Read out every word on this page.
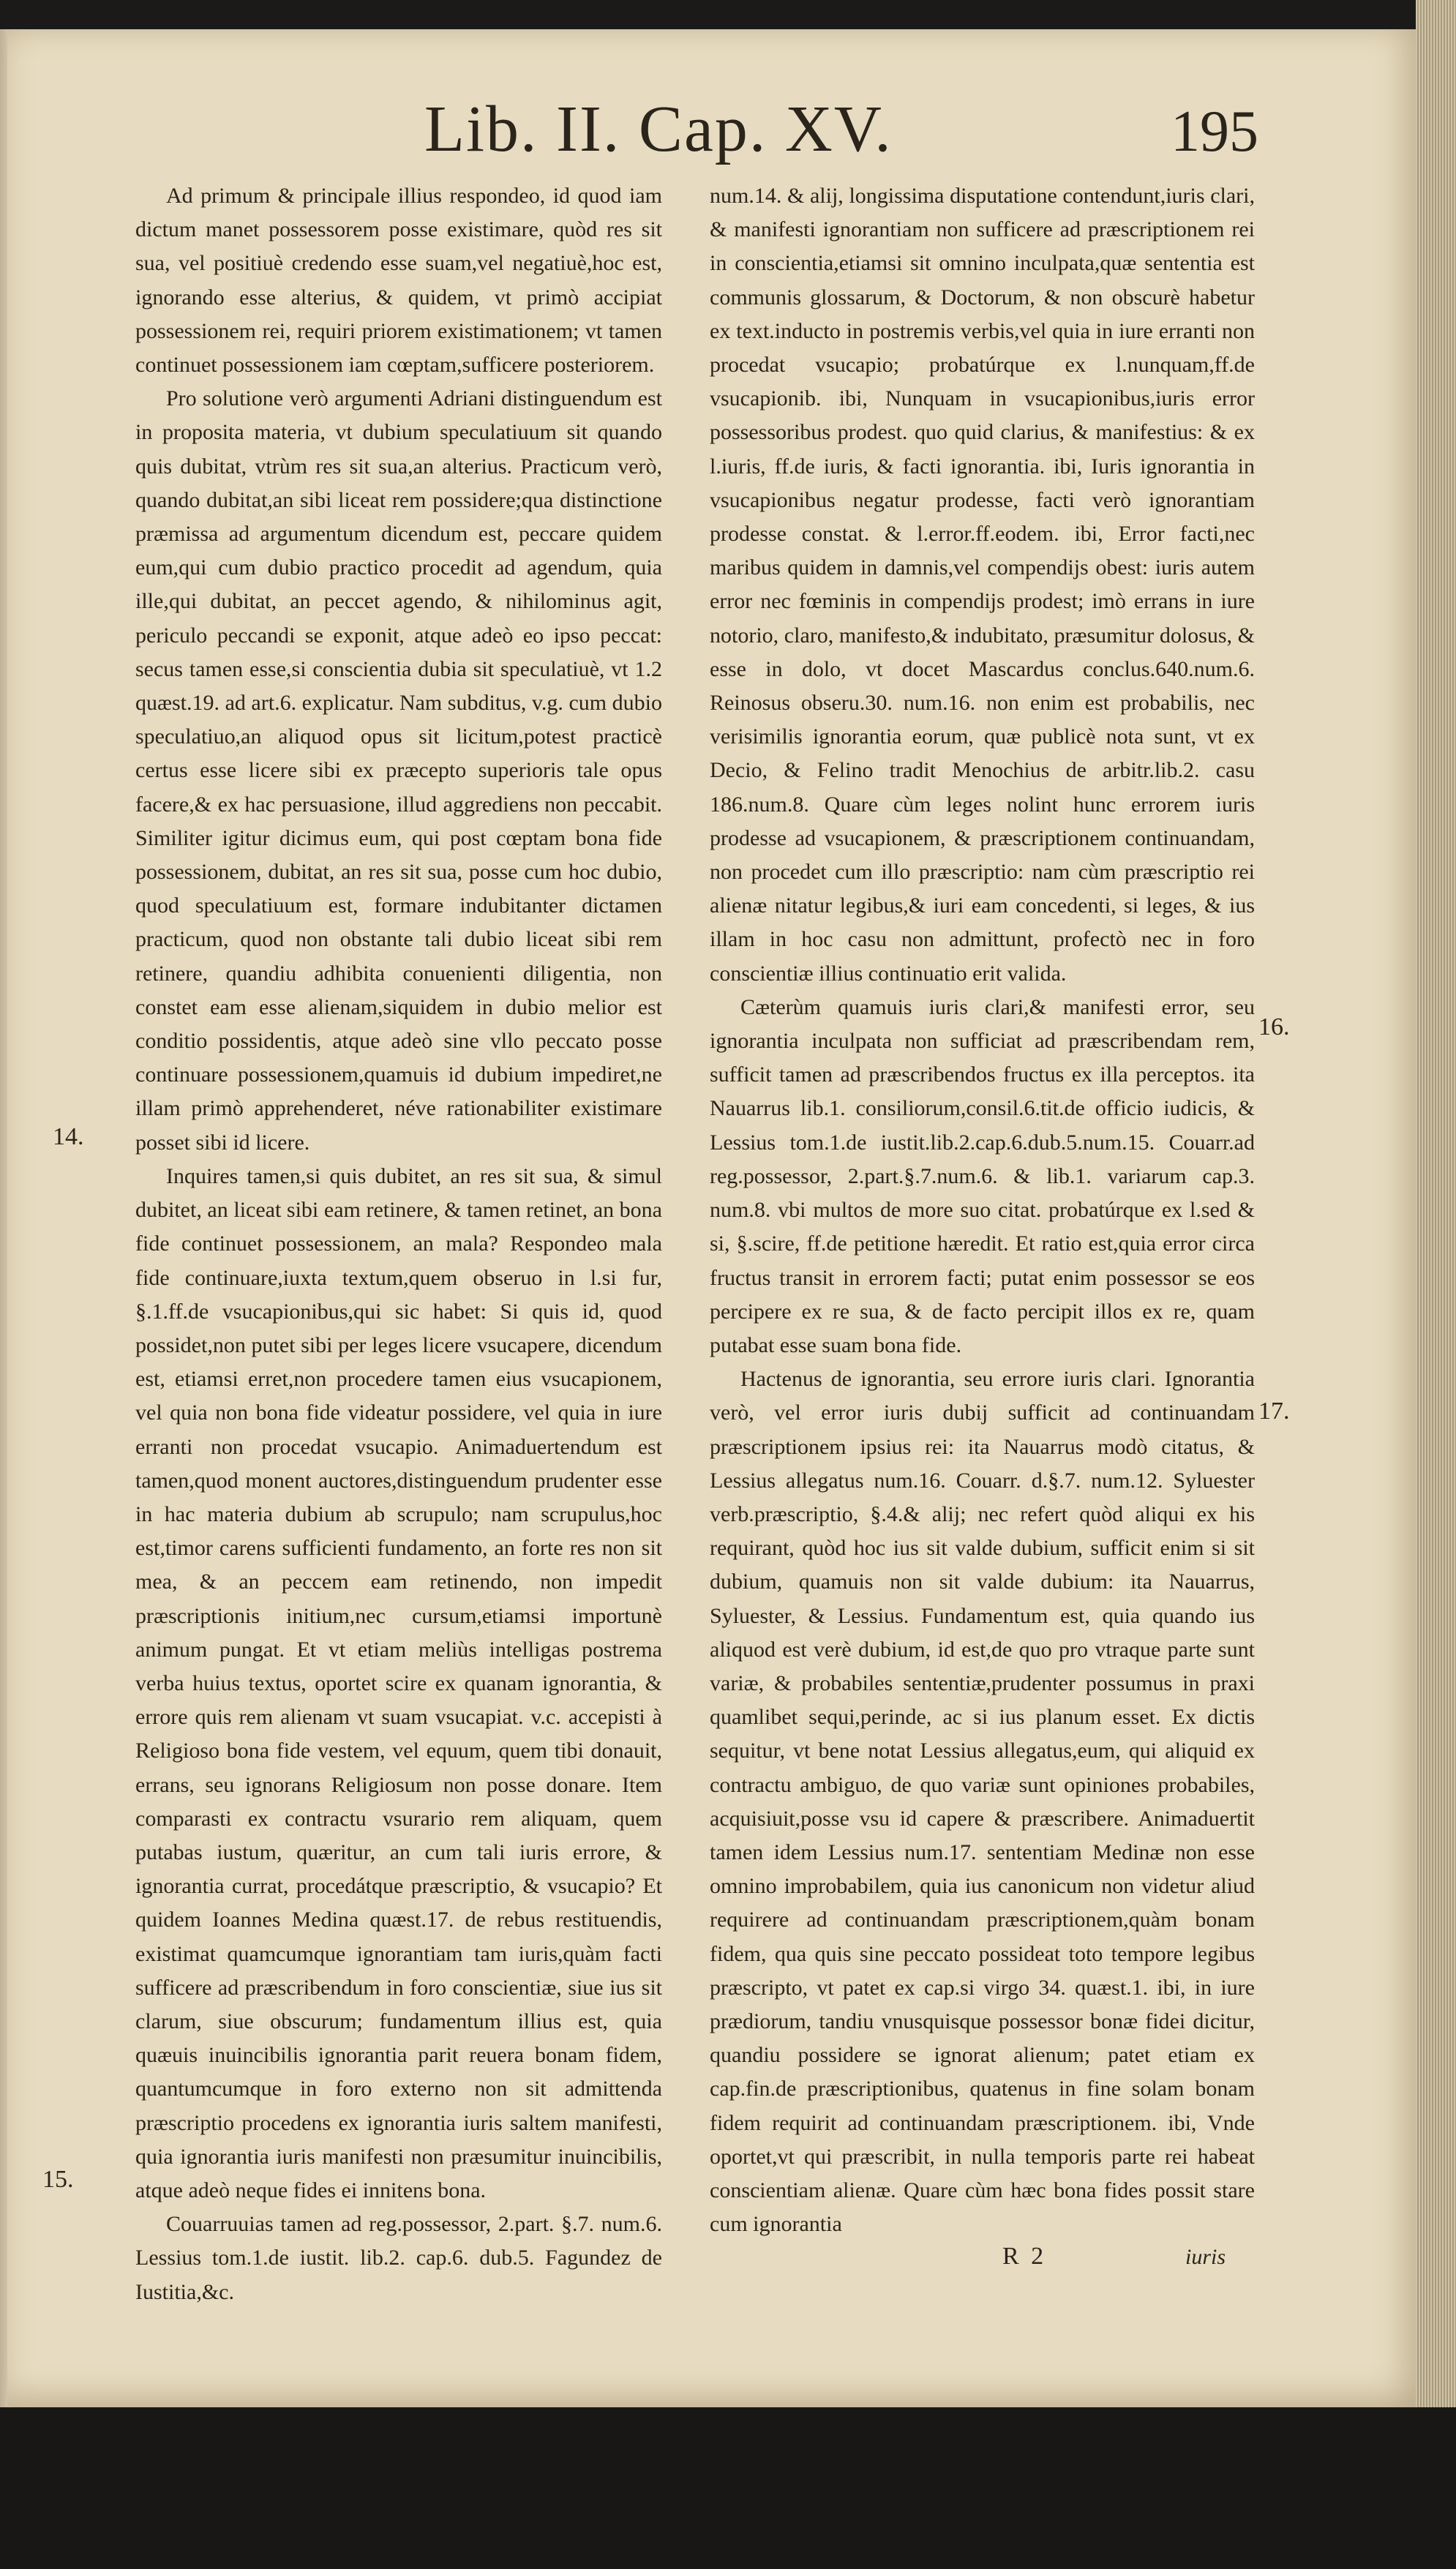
Lib. II. Cap. XV.	195

Ad primum & principale illius respondeo, id quod iam dictum manet possessorem posse existimare, quòd res sit sua, vel positiuè credendo esse suam,vel negatiuè,hoc est, ignorando esse alterius, & quidem, vt primò accipiat possessionem rei, requiri priorem existimationem; vt tamen continuet possessionem iam cœptam,sufficere posteriorem.

Pro solutione verò argumenti Adriani distinguendum est in proposita materia, vt dubium speculatiuum sit quando quis dubitat, vtrùm res sit sua,an alterius. Practicum verò, quando dubitat,an sibi liceat rem possidere;qua distinctione præmissa ad argumentum dicendum est, peccare quidem eum,qui cum dubio practico procedit ad agendum, quia ille,qui dubitat, an peccet agendo, & nihilominus agit, periculo peccandi se exponit, atque adeò eo ipso peccat: secus tamen esse,si conscientia dubia sit speculatiuè, vt 1.2 quæst.19. ad art.6. explicatur. Nam subditus, v.g. cum dubio speculatiuo,an aliquod opus sit licitum,potest practicè certus esse licere sibi ex præcepto superioris tale opus facere,& ex hac persuasione, illud aggrediens non peccabit. Similiter igitur dicimus eum, qui post cœptam bona fide possessionem, dubitat, an res sit sua, posse cum hoc dubio, quod speculatiuum est, formare indubitanter dictamen practicum, quod non obstante tali dubio liceat sibi rem retinere, quandiu adhibita conuenienti diligentia, non constet eam esse alienam,siquidem in dubio melior est conditio possidentis, atque adeò sine vllo peccato posse continuare possessionem,quamuis id dubium impediret,ne illam primò apprehenderet, néve rationabiliter existimare posset sibi id licere.

Inquires tamen,si quis dubitet, an res sit sua, & simul dubitet, an liceat sibi eam retinere, & tamen retinet, an bona fide continuet possessionem, an mala? Respondeo mala fide continuare,iuxta textum,quem obseruo in l.si fur, §.1.ff.de vsucapionibus,qui sic habet: Si quis id, quod possidet,non putet sibi per leges licere vsucapere, dicendum est, etiamsi erret,non procedere tamen eius vsucapionem, vel quia non bona fide videatur possidere, vel quia in iure erranti non procedat vsucapio. Animaduertendum est tamen,quod monent auctores,distinguendum prudenter esse in hac materia dubium ab scrupulo; nam scrupulus,hoc est,timor carens sufficienti fundamento, an forte res non sit mea, & an peccem eam retinendo, non impedit præscriptionis initium,nec cursum,etiamsi importunè animum pungat. Et vt etiam meliùs intelligas postrema verba huius textus, oportet scire ex quanam ignorantia, & errore quis rem alienam vt suam vsucapiat. v.c. accepisti à Religioso bona fide vestem, vel equum, quem tibi donauit, errans, seu ignorans Religiosum non posse donare. Item comparasti ex contractu vsurario rem aliquam, quem putabas iustum, quæritur, an cum tali iuris errore, & ignorantia currat, procedátque præscriptio, & vsucapio? Et quidem Ioannes Medina quæst.17. de rebus restituendis, existimat quamcumque ignorantiam tam iuris,quàm facti sufficere ad præscribendum in foro conscientiæ, siue ius sit clarum, siue obscurum; fundamentum illius est, quia quæuis inuincibilis ignorantia parit reuera bonam fidem, quantumcumque in foro externo non sit admittenda præscriptio procedens ex ignorantia iuris saltem manifesti, quia ignorantia iuris manifesti non præsumitur inuincibilis, atque adeò neque fides ei innitens bona.

Couarruuias tamen ad reg.possessor, 2.part. §.7. num.6. Lessius tom.1.de iustit. lib.2. cap.6. dub.5. Fagundez de Iustitia,&c.

14.
15.

num.14. & alij, longissima disputatione contendunt,iuris clari, & manifesti ignorantiam non sufficere ad præscriptionem rei in conscientia,etiamsi sit omnino inculpata,quæ sententia est communis glossarum, & Doctorum, & non obscurè habetur ex text.inducto in postremis verbis,vel quia in iure erranti non procedat vsucapio; probatúrque ex l.nunquam,ff.de vsucapionib. ibi, Nunquam in vsucapionibus,iuris error possessoribus prodest. quo quid clarius, & manifestius: & ex l.iuris, ff.de iuris, & facti ignorantia. ibi, Iuris ignorantia in vsucapionibus negatur prodesse, facti verò ignorantiam prodesse constat. & l.error.ff.eodem. ibi, Error facti,nec maribus quidem in damnis,vel compendijs obest: iuris autem error nec fœminis in compendijs prodest; imò errans in iure notorio, claro, manifesto,& indubitato, præsumitur dolosus, & esse in dolo, vt docet Mascardus conclus.640.num.6. Reinosus obseru.30. num.16. non enim est probabilis, nec verisimilis ignorantia eorum, quæ publicè nota sunt, vt ex Decio, & Felino tradit Menochius de arbitr.lib.2. casu 186.num.8. Quare cùm leges nolint hunc errorem iuris prodesse ad vsucapionem, & præscriptionem continuandam, non procedet cum illo præscriptio: nam cùm præscriptio rei alienæ nitatur legibus,& iuri eam concedenti, si leges, & ius illam in hoc casu non admittunt, profectò nec in foro conscientiæ illius continuatio erit valida.

Cæterùm quamuis iuris clari,& manifesti error, seu ignorantia inculpata non sufficiat ad præscribendam rem, sufficit tamen ad præscribendos fructus ex illa perceptos. ita Nauarrus lib.1. consiliorum,consil.6.tit.de officio iudicis, & Lessius tom.1.de iustit.lib.2.cap.6.dub.5.num.15. Couarr.ad reg.possessor, 2.part.§.7.num.6. & lib.1. variarum cap.3. num.8. vbi multos de more suo citat. probatúrque ex l.sed & si, §.scire, ff.de petitione hæredit. Et ratio est,quia error circa fructus transit in errorem facti; putat enim possessor se eos percipere ex re sua, & de facto percipit illos ex re, quam putabat esse suam bona fide.

Hactenus de ignorantia, seu errore iuris clari. Ignorantia verò, vel error iuris dubij sufficit ad continuandam præscriptionem ipsius rei: ita Nauarrus modò citatus, & Lessius allegatus num.16. Couarr. d.§.7. num.12. Syluester verb.præscriptio, §.4.& alij; nec refert quòd aliqui ex his requirant, quòd hoc ius sit valde dubium, sufficit enim si sit dubium, quamuis non sit valde dubium: ita Nauarrus, Syluester, & Lessius. Fundamentum est, quia quando ius aliquod est verè dubium, id est,de quo pro vtraque parte sunt variæ, & probabiles sententiæ,prudenter possumus in praxi quamlibet sequi,perinde, ac si ius planum esset. Ex dictis sequitur, vt bene notat Lessius allegatus,eum, qui aliquid ex contractu ambiguo, de quo variæ sunt opiniones probabiles, acquisiuit,posse vsu id capere & præscribere. Animaduertit tamen idem Lessius num.17. sententiam Medinæ non esse omnino improbabilem, quia ius canonicum non videtur aliud requirere ad continuandam præscriptionem,quàm bonam fidem, qua quis sine peccato possideat toto tempore legibus præscripto, vt patet ex cap.si virgo 34. quæst.1. ibi, in iure prædiorum, tandiu vnusquisque possessor bonæ fidei dicitur, quandiu possidere se ignorat alienum; patet etiam ex cap.fin.de præscriptionibus, quatenus in fine solam bonam fidem requirit ad continuandam præscriptionem. ibi, Vnde oportet,vt qui præscribit, in nulla temporis parte rei habeat conscientiam alienæ. Quare cùm hæc bona fides possit stare cum ignorantia

16.
17.
R 2	iuris
